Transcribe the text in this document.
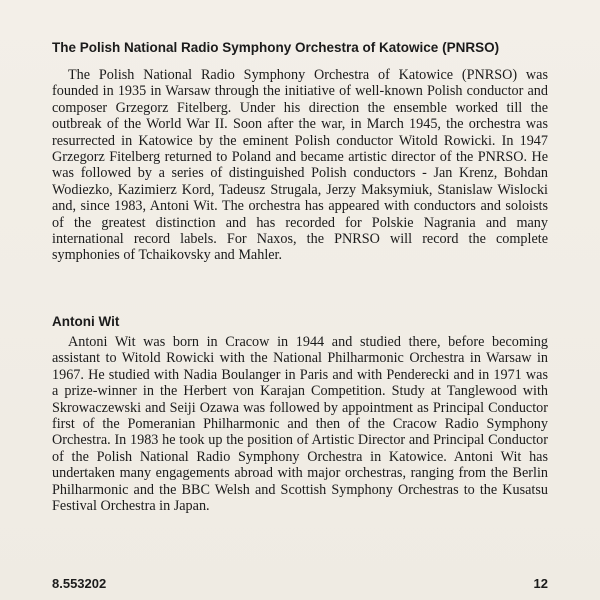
The Polish National Radio Symphony Orchestra of Katowice (PNRSO)

The Polish National Radio Symphony Orchestra of Katowice (PNRSO) was founded in 1935 in Warsaw through the initiative of well-known Polish conductor and composer Grzegorz Fitelberg. Under his direction the ensemble worked till the outbreak of the World War II. Soon after the war, in March 1945, the orchestra was resurrected in Katowice by the eminent Polish conductor Witold Rowicki. In 1947 Grzegorz Fitelberg returned to Poland and became artistic director of the PNRSO. He was followed by a series of distinguished Polish conductors - Jan Krenz, Bohdan Wodiezko, Kazimierz Kord, Tadeusz Strugala, Jerzy Maksymiuk, Stanislaw Wislocki and, since 1983, Antoni Wit. The orchestra has appeared with conductors and soloists of the greatest distinction and has recorded for Polskie Nagrania and many international record labels. For Naxos, the PNRSO will record the complete symphonies of Tchaikovsky and Mahler.

Antoni Wit

Antoni Wit was born in Cracow in 1944 and studied there, before becoming assistant to Witold Rowicki with the National Philharmonic Orchestra in Warsaw in 1967. He studied with Nadia Boulanger in Paris and with Penderecki and in 1971 was a prize-winner in the Herbert von Karajan Competition. Study at Tanglewood with Skrowaczewski and Seiji Ozawa was followed by appointment as Principal Conductor first of the Pomeranian Philharmonic and then of the Cracow Radio Symphony Orchestra. In 1983 he took up the position of Artistic Director and Principal Conductor of the Polish National Radio Symphony Orchestra in Katowice. Antoni Wit has undertaken many engagements abroad with major orchestras, ranging from the Berlin Philharmonic and the BBC Welsh and Scottish Symphony Orchestras to the Kusatsu Festival Orchestra in Japan.

8.553202	12
